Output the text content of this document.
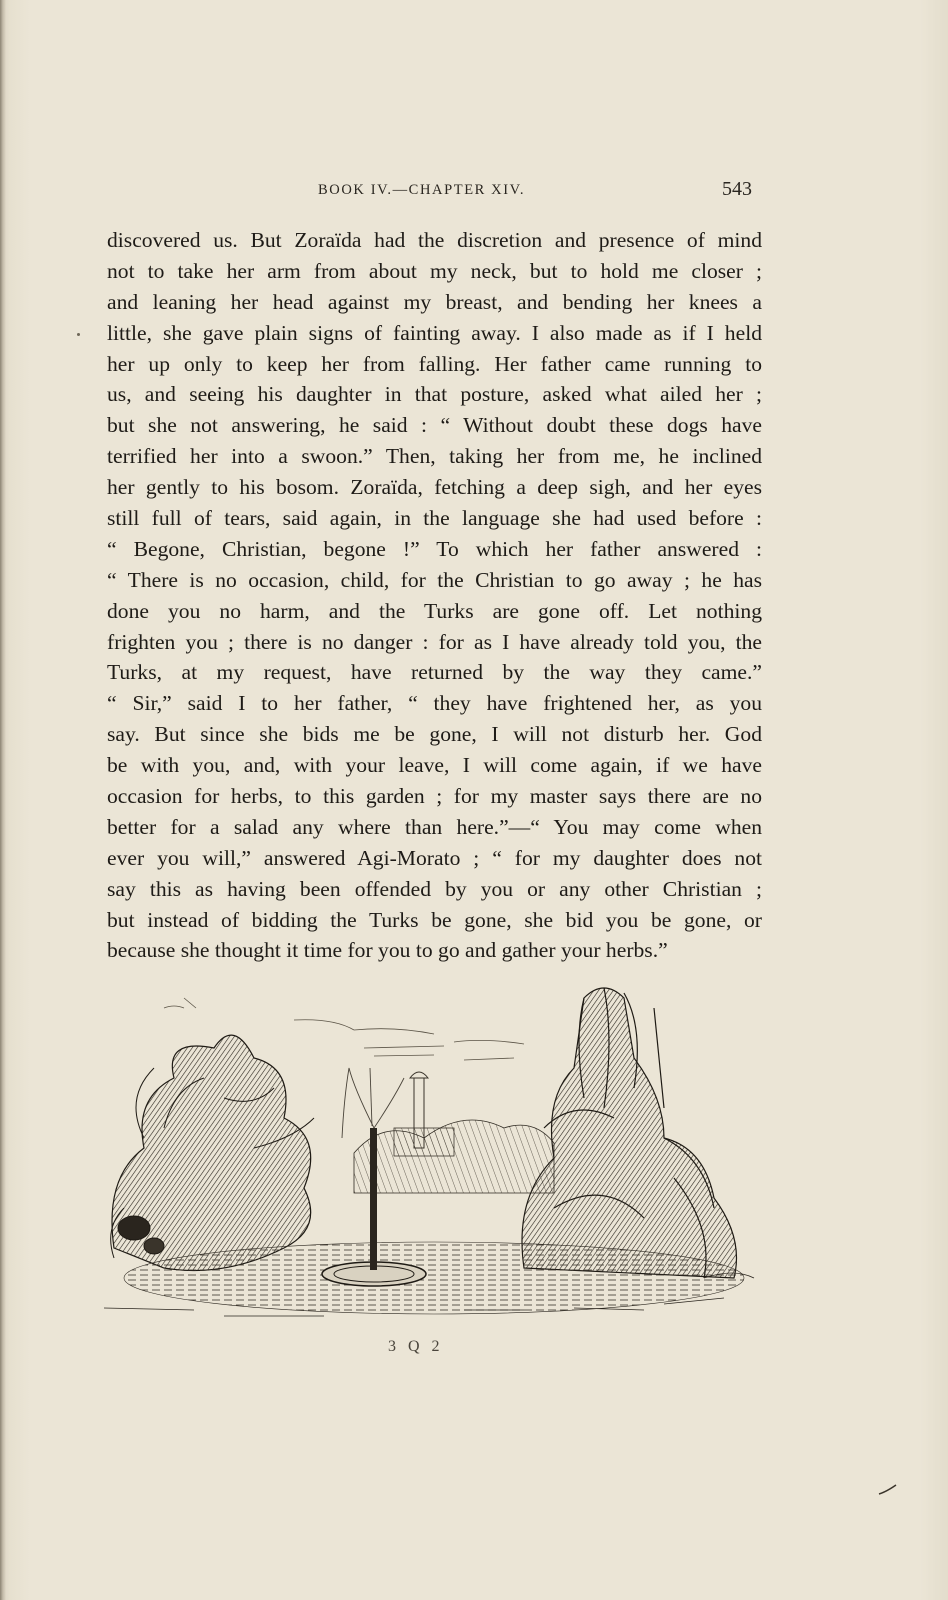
BOOK IV.—CHAPTER XIV.	543
discovered us. But Zoraïda had the discretion and presence of mind
not to take her arm from about my neck, but to hold me closer ;
and leaning her head against my breast, and bending her knees a
little, she gave plain signs of fainting away. I also made as if I held
her up only to keep her from falling. Her father came running to
us, and seeing his daughter in that posture, asked what ailed her ;
but she not answering, he said : “ Without doubt these dogs have
terrified her into a swoon.” Then, taking her from me, he inclined
her gently to his bosom. Zoraïda, fetching a deep sigh, and her eyes
still full of tears, said again, in the language she had used before :
“ Begone, Christian, begone !” To which her father answered :
“ There is no occasion, child, for the Christian to go away ; he has
done you no harm, and the Turks are gone off. Let nothing
frighten you ; there is no danger : for as I have already told you, the
Turks, at my request, have returned by the way they came.”
“ Sir,” said I to her father, “ they have frightened her, as you
say. But since she bids me be gone, I will not disturb her. God
be with you, and, with your leave, I will come again, if we have
occasion for herbs, to this garden ; for my master says there are no
better for a salad any where than here.”—“ You may come when
ever you will,” answered Agi-Morato ; “ for my daughter does not
say this as having been offended by you or any other Christian ;
but instead of bidding the Turks be gone, she bid you be gone, or
because she thought it time for you to go and gather your herbs.”
3 Q 2
